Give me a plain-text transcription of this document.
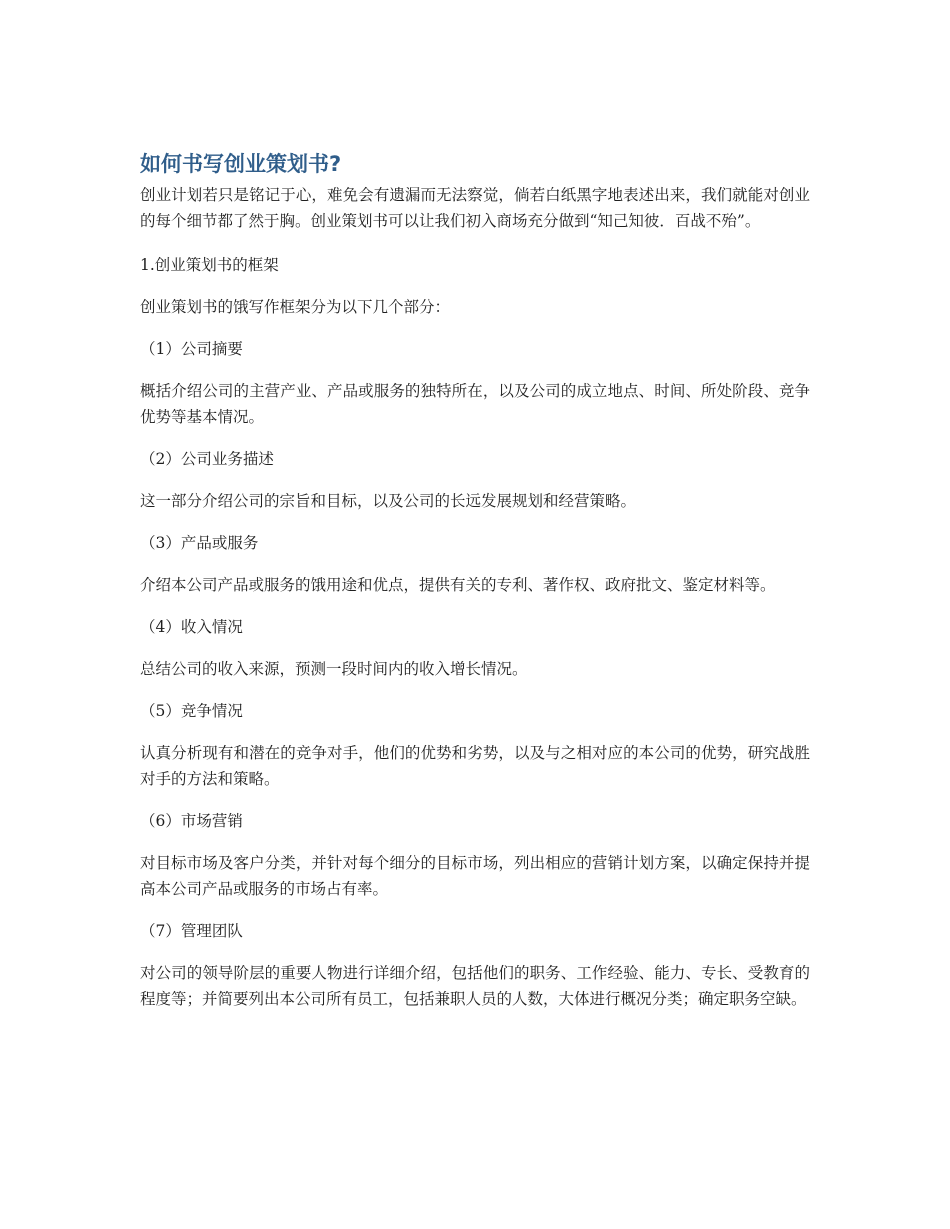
如何书写创业策划书?

创业计划若只是铭记于心，难免会有遗漏而无法察觉，倘若白纸黑字地表述出来，我们就能对创业的每个细节都了然于胸。创业策划书可以让我们初入商场充分做到“知己知彼．百战不殆”。

1.创业策划书的框架

创业策划书的饿写作框架分为以下几个部分：

（1）公司摘要

概括介绍公司的主营产业、产品或服务的独特所在，以及公司的成立地点、时间、所处阶段、竞争优势等基本情况。

（2）公司业务描述

这一部分介绍公司的宗旨和目标，以及公司的长远发展规划和经营策略。

（3）产品或服务

介绍本公司产品或服务的饿用途和优点，提供有关的专利、著作权、政府批文、鉴定材料等。

（4）收入情况

总结公司的收入来源，预测一段时间内的收入增长情况。

（5）竞争情况

认真分析现有和潜在的竞争对手，他们的优势和劣势，以及与之相对应的本公司的优势，研究战胜对手的方法和策略。

（6）市场营销

对目标市场及客户分类，并针对每个细分的目标市场，列出相应的营销计划方案，以确定保持并提高本公司产品或服务的市场占有率。

（7）管理团队

对公司的领导阶层的重要人物进行详细介绍，包括他们的职务、工作经验、能力、专长、受教育的程度等；并简要列出本公司所有员工，包括兼职人员的人数，大体进行概况分类；确定职务空缺。
